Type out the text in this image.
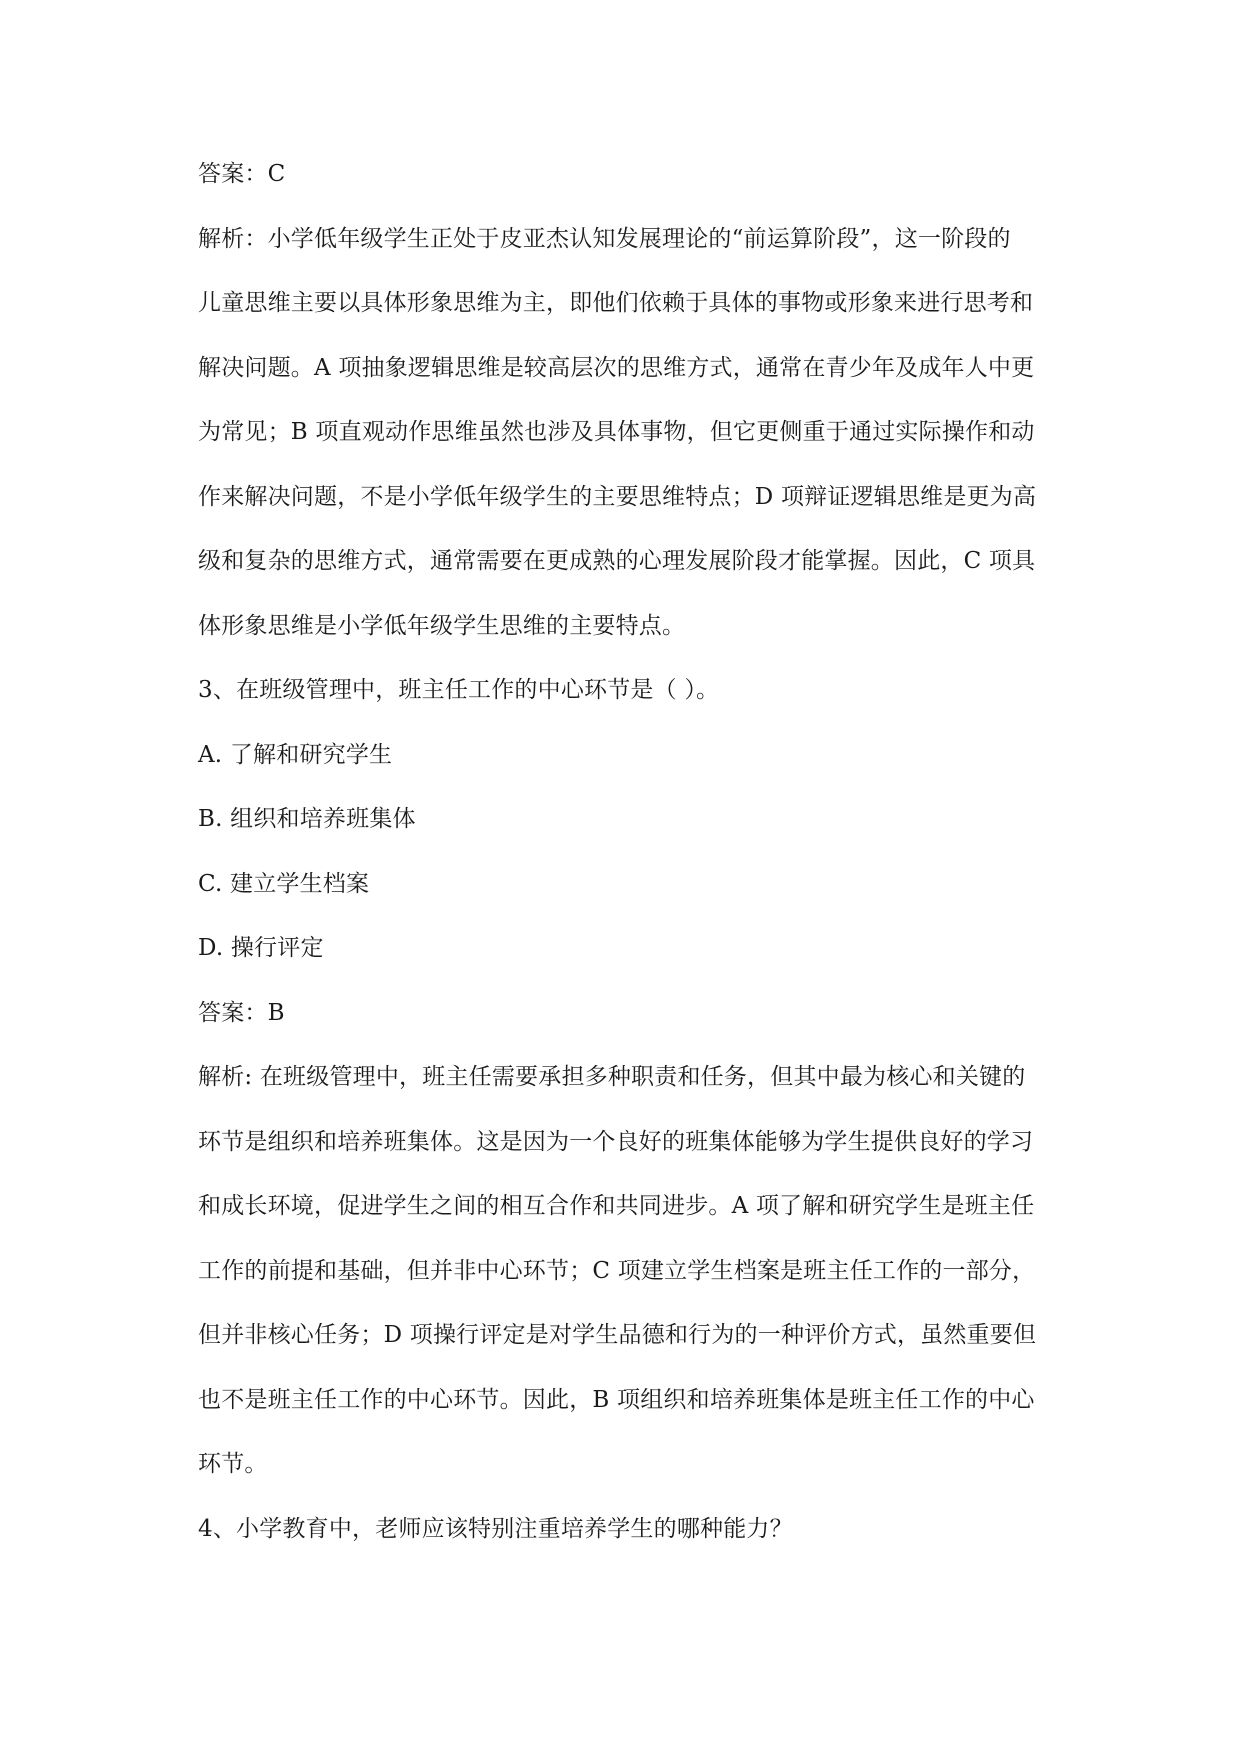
答案：C
解析：小学低年级学生正处于皮亚杰认知发展理论的“前运算阶段”，这一阶段的
儿童思维主要以具体形象思维为主，即他们依赖于具体的事物或形象来进行思考和
解决问题。A 项抽象逻辑思维是较高层次的思维方式，通常在青少年及成年人中更
为常见；B 项直观动作思维虽然也涉及具体事物，但它更侧重于通过实际操作和动
作来解决问题，不是小学低年级学生的主要思维特点；D 项辩证逻辑思维是更为高
级和复杂的思维方式，通常需要在更成熟的心理发展阶段才能掌握。因此，C 项具
体形象思维是小学低年级学生思维的主要特点。
3、在班级管理中，班主任工作的中心环节是（ ）。
A. 了解和研究学生
B. 组织和培养班集体
C. 建立学生档案
D. 操行评定
答案：B
解析: 在班级管理中，班主任需要承担多种职责和任务，但其中最为核心和关键的
环节是组织和培养班集体。这是因为一个良好的班集体能够为学生提供良好的学习
和成长环境，促进学生之间的相互合作和共同进步。A 项了解和研究学生是班主任
工作的前提和基础，但并非中心环节；C 项建立学生档案是班主任工作的一部分，
但并非核心任务；D 项操行评定是对学生品德和行为的一种评价方式，虽然重要但
也不是班主任工作的中心环节。因此，B 项组织和培养班集体是班主任工作的中心
环节。
4、小学教育中，老师应该特别注重培养学生的哪种能力？
